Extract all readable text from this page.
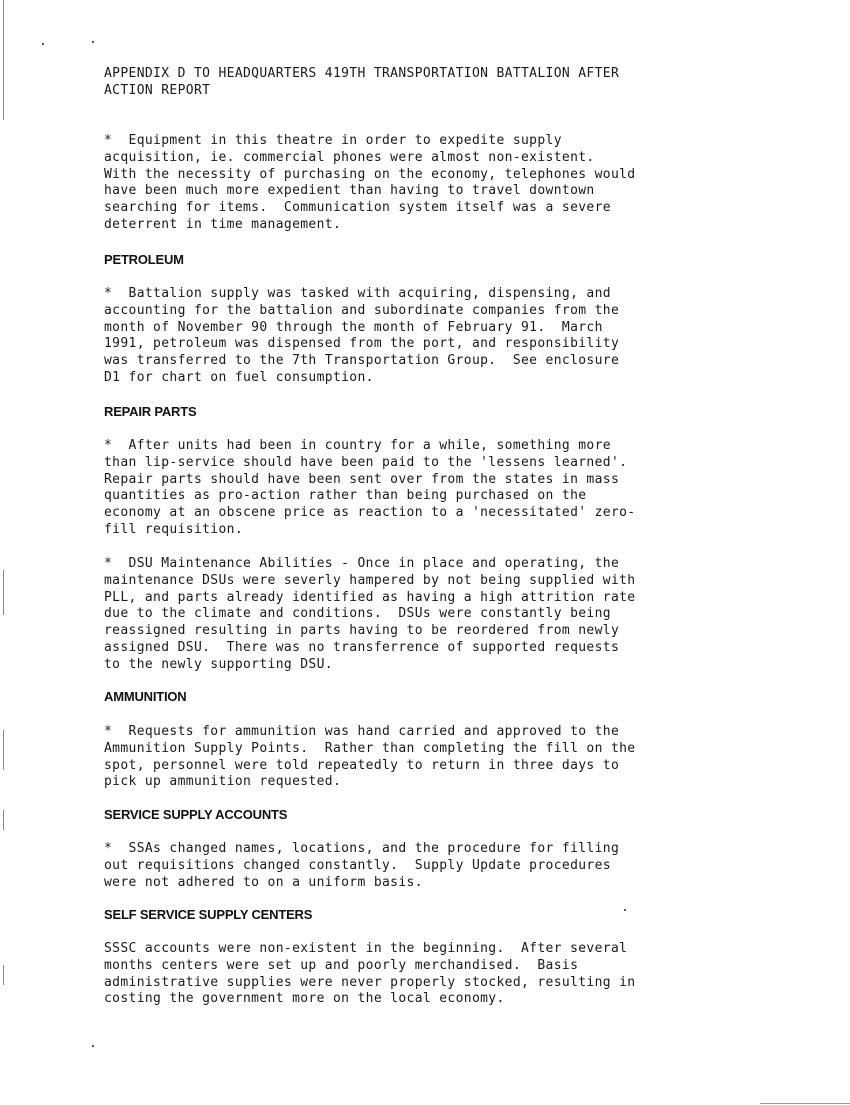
APPENDIX D TO HEADQUARTERS 419TH TRANSPORTATION BATTALION AFTER
ACTION REPORT
*  Equipment in this theatre in order to expedite supply
acquisition, ie. commercial phones were almost non-existent.
With the necessity of purchasing on the economy, telephones would
have been much more expedient than having to travel downtown
searching for items.  Communication system itself was a severe
deterrent in time management.
PETROLEUM
*  Battalion supply was tasked with acquiring, dispensing, and
accounting for the battalion and subordinate companies from the
month of November 90 through the month of February 91.  March
1991, petroleum was dispensed from the port, and responsibility
was transferred to the 7th Transportation Group.  See enclosure
D1 for chart on fuel consumption.
REPAIR PARTS
*  After units had been in country for a while, something more
than lip-service should have been paid to the 'lessens learned'.
Repair parts should have been sent over from the states in mass
quantities as pro-action rather than being purchased on the
economy at an obscene price as reaction to a 'necessitated' zero-
fill requisition.
*  DSU Maintenance Abilities - Once in place and operating, the
maintenance DSUs were severly hampered by not being supplied with
PLL, and parts already identified as having a high attrition rate
due to the climate and conditions.  DSUs were constantly being
reassigned resulting in parts having to be reordered from newly
assigned DSU.  There was no transferrence of supported requests
to the newly supporting DSU.
AMMUNITION
*  Requests for ammunition was hand carried and approved to the
Ammunition Supply Points.  Rather than completing the fill on the
spot, personnel were told repeatedly to return in three days to
pick up ammunition requested.
SERVICE SUPPLY ACCOUNTS
*  SSAs changed names, locations, and the procedure for filling
out requisitions changed constantly.  Supply Update procedures
were not adhered to on a uniform basis.
SELF SERVICE SUPPLY CENTERS
SSSC accounts were non-existent in the beginning.  After several
months centers were set up and poorly merchandised.  Basis
administrative supplies were never properly stocked, resulting in
costing the government more on the local economy.
